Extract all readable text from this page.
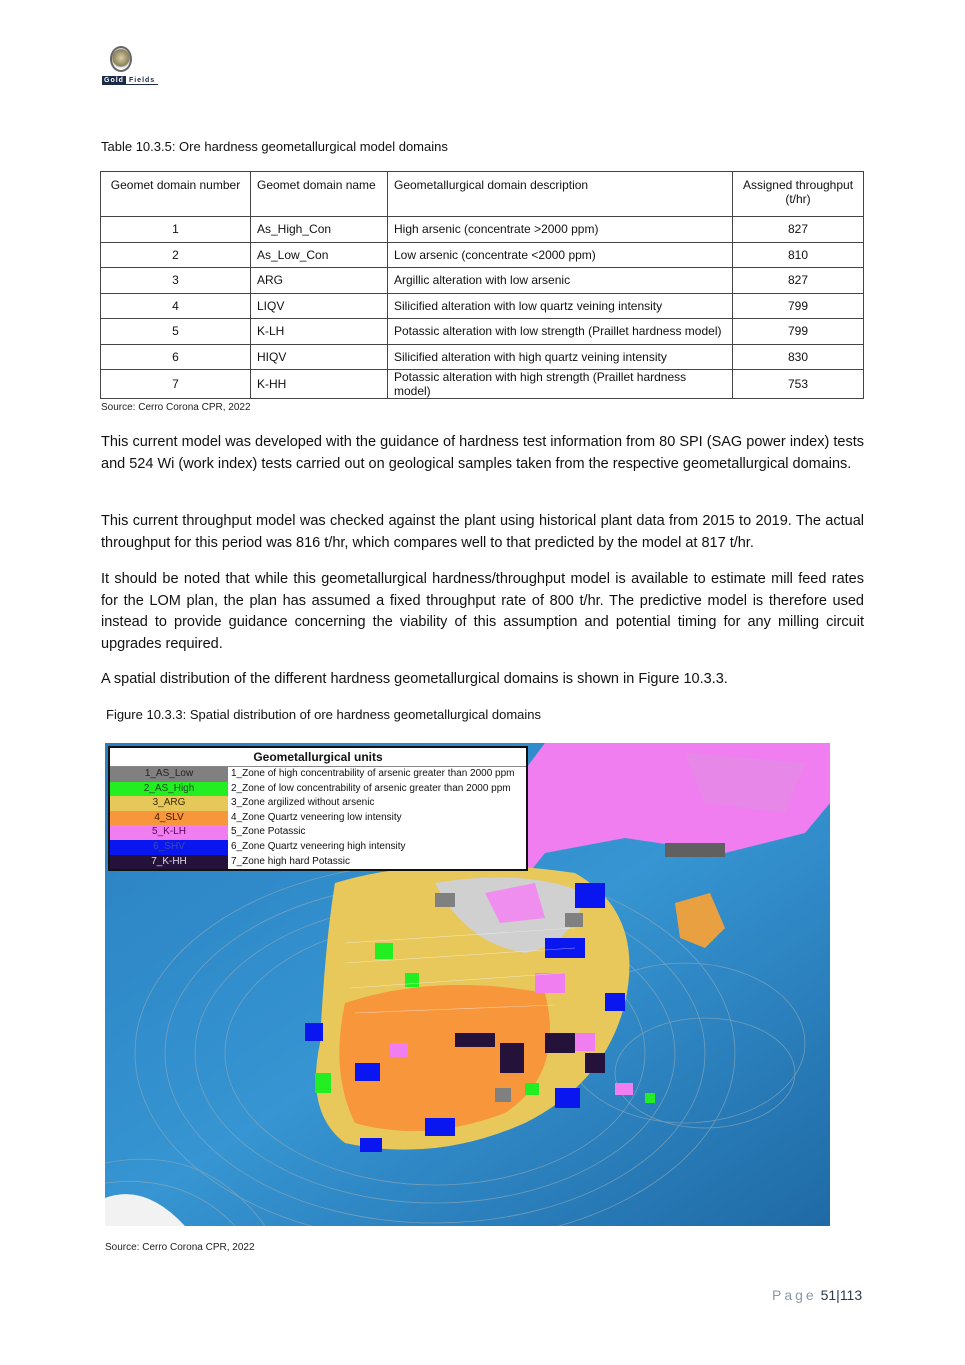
Gold Fields
Table 10.3.5: Ore hardness geometallurgical model domains
Geomet domain number	Geomet domain name	Geometallurgical domain description	Assigned throughput (t/hr)
1	As_High_Con	High arsenic (concentrate >2000 ppm)	827
2	As_Low_Con	Low arsenic (concentrate <2000 ppm)	810
3	ARG	Argillic alteration with low arsenic	827
4	LIQV	Silicified alteration with low quartz veining intensity	799
5	K-LH	Potassic alteration with low strength (Praillet hardness model)	799
6	HIQV	Silicified alteration with high quartz veining intensity	830
7	K-HH	Potassic alteration with high strength (Praillet hardness model)	753
Source: Cerro Corona CPR, 2022
This current model was developed with the guidance of hardness test information from 80 SPI (SAG power index) tests and 524 Wi (work index) tests carried out on geological samples taken from the respective geometallurgical domains.
This current throughput model was checked against the plant using historical plant data from 2015 to 2019. The actual throughput for this period was 816 t/hr, which compares well to that predicted by the model at 817 t/hr.
It should be noted that while this geometallurgical hardness/throughput model is available to estimate mill feed rates for the LOM plan, the plan has assumed a fixed throughput rate of 800 t/hr. The predictive model is therefore used instead to provide guidance concerning the viability of this assumption and potential timing for any milling circuit upgrades required.
A spatial distribution of the different hardness geometallurgical domains is shown in Figure 10.3.3.
Figure 10.3.3: Spatial distribution of ore hardness geometallurgical domains
Geometallurgical units
1_AS_Low	1_Zone of high concentrability of arsenic greater than 2000 ppm
2_AS_High	2_Zone of low concentrability of arsenic greater than 2000 ppm
3_ARG	3_Zone argilized without arsenic
4_SLV	4_Zone Quartz veneering low intensity
5_K-LH	5_Zone Potassic
6_SHV	6_Zone Quartz veneering high intensity
7_K-HH	7_Zone high hard Potassic
Source: Cerro Corona CPR, 2022
Page 51|113
